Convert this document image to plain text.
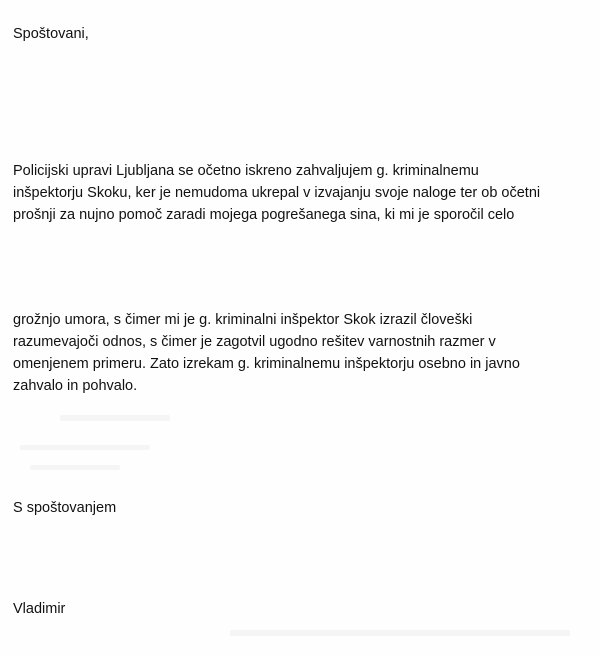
Spoštovani,
Policijski upravi Ljubljana se očetno iskreno zahvaljujem g. kriminalnemu
inšpektorju Skoku, ker je nemudoma ukrepal v izvajanju svoje naloge ter ob očetni
prošnji za nujno pomoč zaradi mojega pogrešanega sina, ki mi je sporočil celo
grožnjo umora, s čimer mi je g. kriminalni inšpektor Skok izrazil človeški
razumevajoči odnos, s čimer je zagotvil ugodno rešitev varnostnih razmer v
omenjenem primeru. Zato izrekam g. kriminalnemu inšpektorju osebno in javno
zahvalo in pohvalo.
S spoštovanjem
Vladimir
